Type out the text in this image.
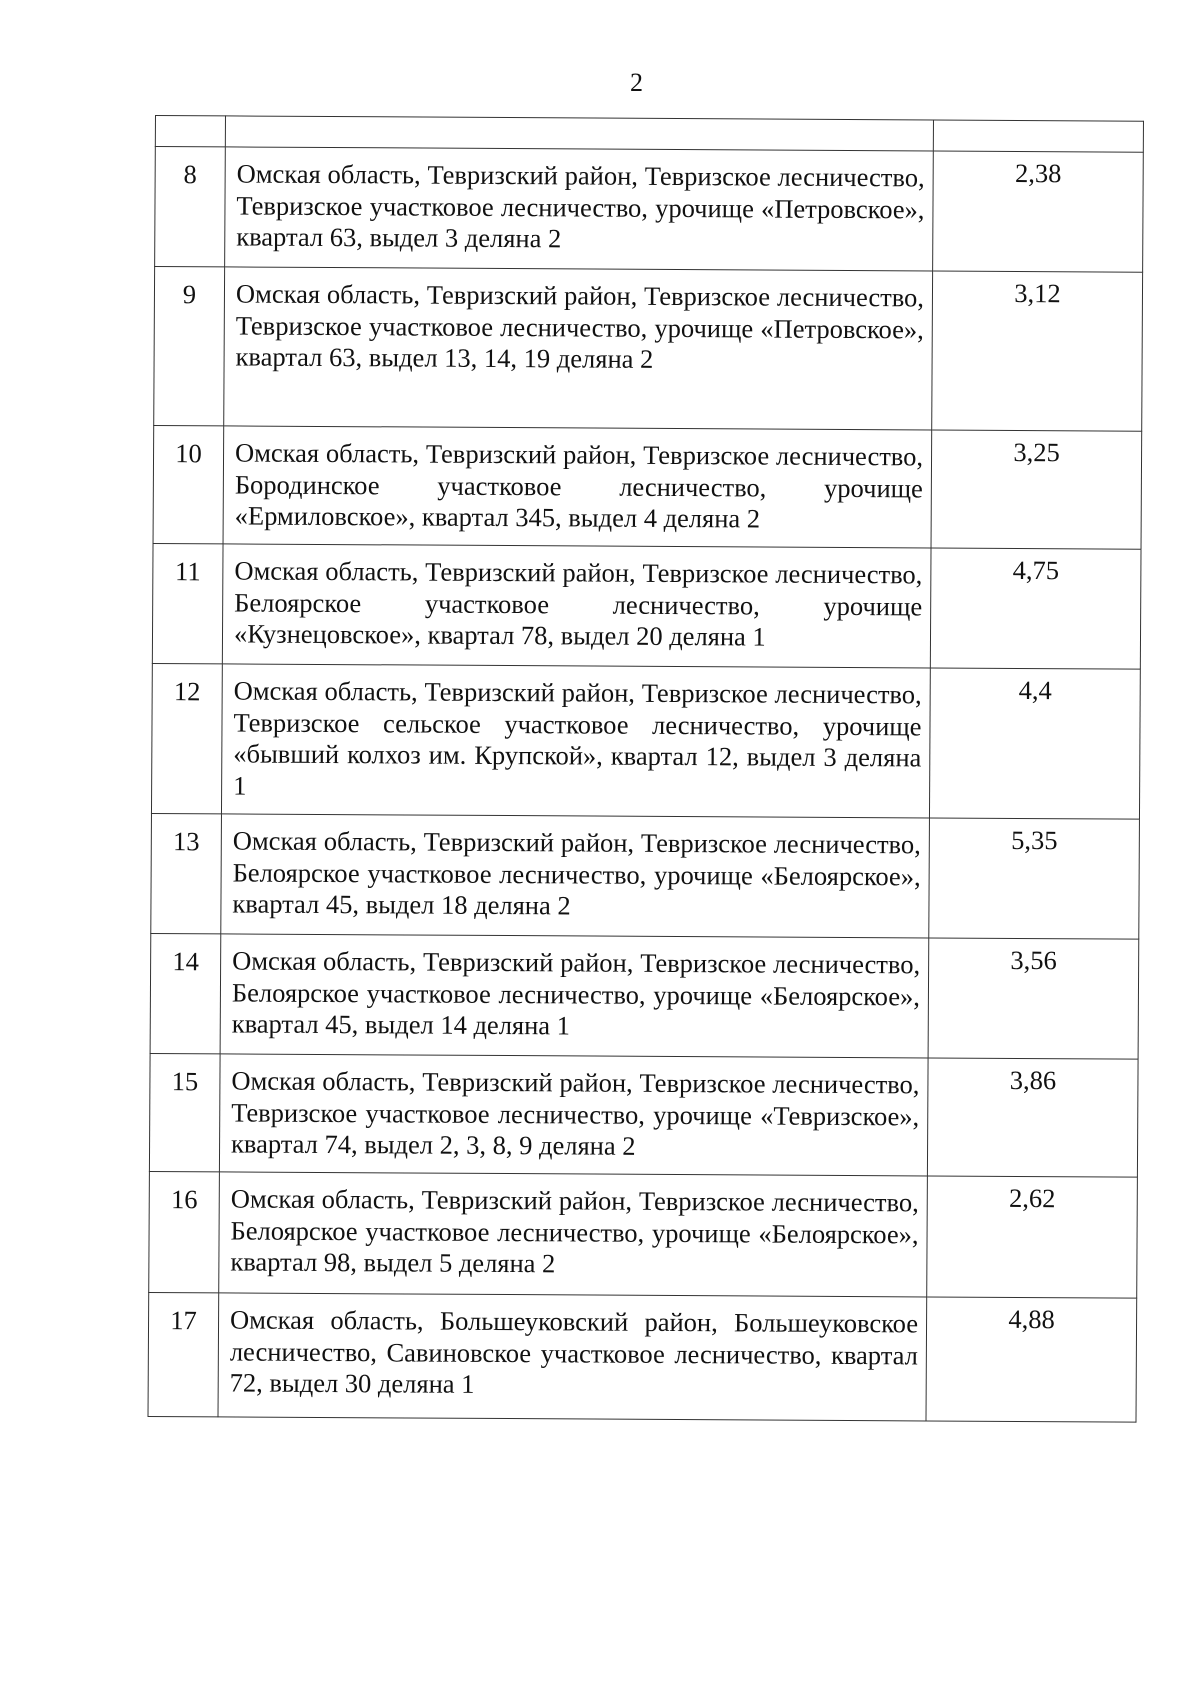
2

8	Омская область, Тевризский район, Тевризское лесничество, Тевризское участковое лесничество, урочище «Петровское», квартал 63, выдел 3 деляна 2	2,38
9	Омская область, Тевризский район, Тевризское лесничество, Тевризское участковое лесничество, урочище «Петровское», квартал 63, выдел 13, 14, 19 деляна 2	3,12
10	Омская область, Тевризский район, Тевризское лесничество, Бородинское участковое лесничество, урочище «Ермиловское», квартал 345, выдел 4 деляна 2	3,25
11	Омская область, Тевризский район, Тевризское лесничество, Белоярское участковое лесничество, урочище «Кузнецовское», квартал 78, выдел 20 деляна 1	4,75
12	Омская область, Тевризский район, Тевризское лесничество, Тевризское сельское участковое лесничество, урочище «бывший колхоз им. Крупской», квартал 12, выдел 3 деляна 1	4,4
13	Омская область, Тевризский район, Тевризское лесничество, Белоярское участковое лесничество, урочище «Белоярское», квартал 45, выдел 18 деляна 2	5,35
14	Омская область, Тевризский район, Тевризское лесничество, Белоярское участковое лесничество, урочище «Белоярское», квартал 45, выдел 14 деляна 1	3,56
15	Омская область, Тевризский район, Тевризское лесничество, Тевризское участковое лесничество, урочище «Тевризское», квартал 74, выдел 2, 3, 8, 9 деляна 2	3,86
16	Омская область, Тевризский район, Тевризское лесничество, Белоярское участковое лесничество, урочище «Белоярское», квартал 98, выдел 5 деляна 2	2,62
17	Омская область, Большеуковский район, Большеуковское лесничество, Савиновское участковое лесничество, квартал 72, выдел 30 деляна 1	4,88
